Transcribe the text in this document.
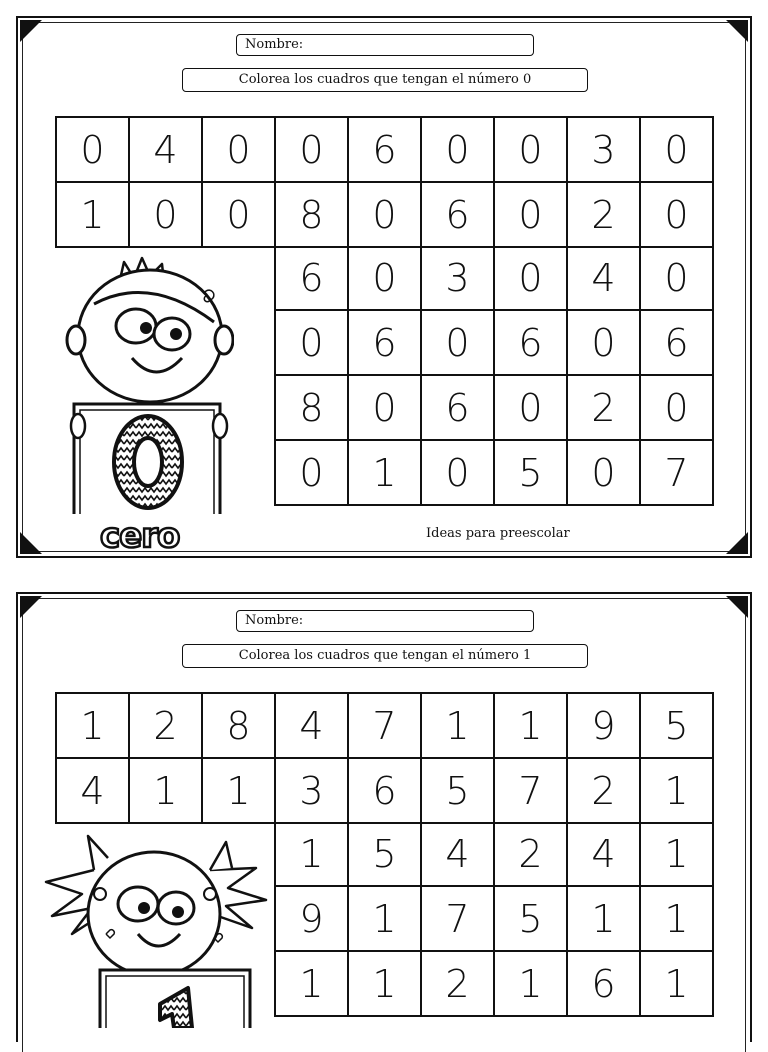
Nombre:
Colorea los cuadros que tengan el número 0
0	4	0	0	6	0	0	3	0
1	0	0	8	0	6	0	2	0
6	0	3	0	4	0
0	6	0	6	0	6
8	0	6	0	2	0
0	1	0	5	0	7
cero	Ideas para preescolar
Nombre:
Colorea los cuadros que tengan el número 1
1	2	8	4	7	1	1	9	5
4	1	1	3	6	5	7	2	1
1	5	4	2	4	1
9	1	7	5	1	1
1	1	2	1	6	1
